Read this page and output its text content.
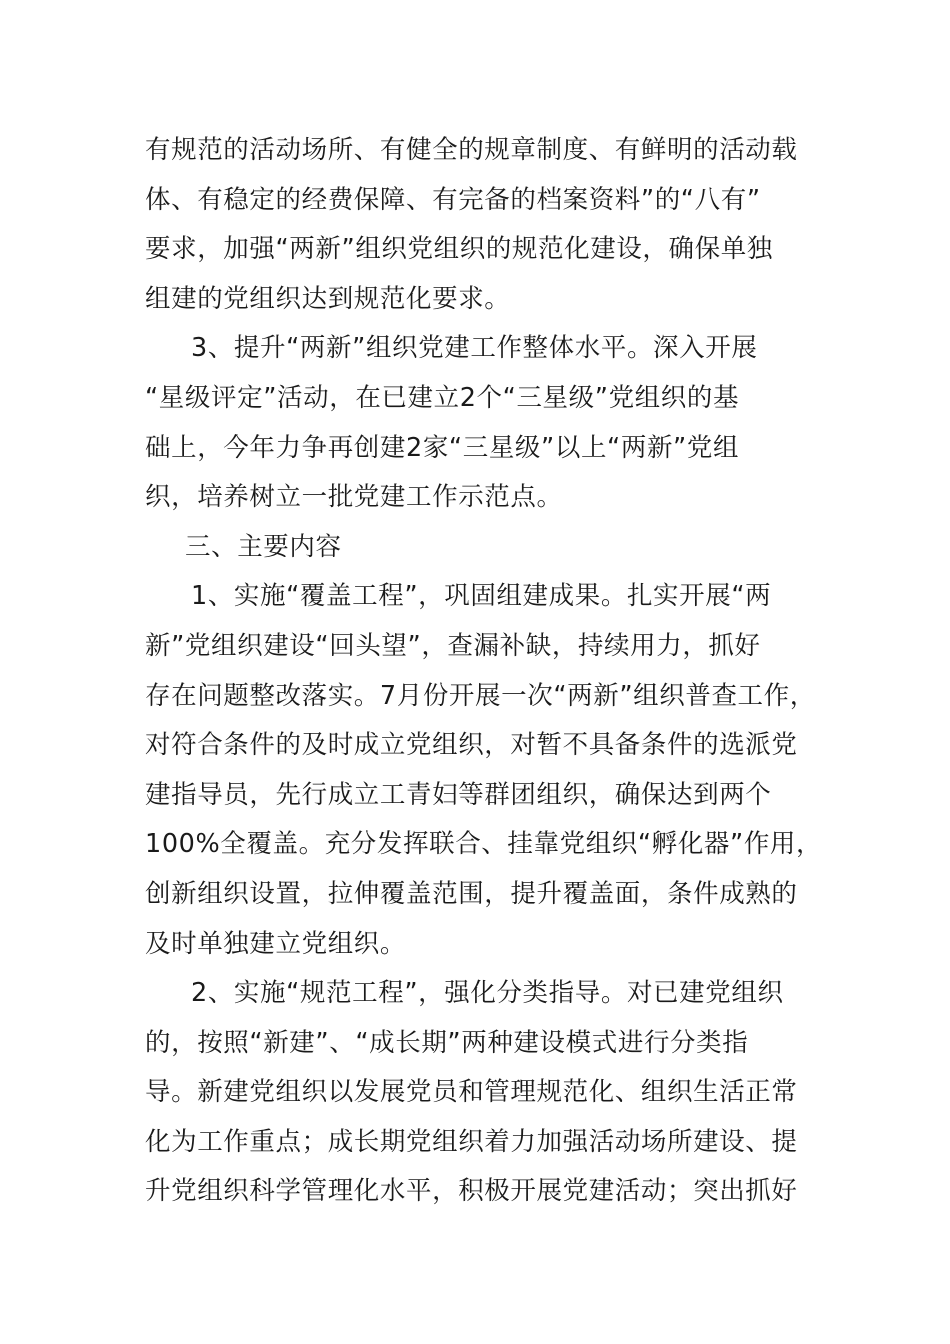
有规范的活动场所、有健全的规章制度、有鲜明的活动载
体、有稳定的经费保障、有完备的档案资料”的“八有”
要求，加强“两新”组织党组织的规范化建设，确保单独
组建的党组织达到规范化要求。
3、提升“两新”组织党建工作整体水平。深入开展
“星级评定”活动，在已建立2个“三星级”党组织的基
础上，今年力争再创建2家“三星级”以上“两新”党组
织，培养树立一批党建工作示范点。
三、主要内容
1、实施“覆盖工程”，巩固组建成果。扎实开展“两
新”党组织建设“回头望”，查漏补缺，持续用力，抓好
存在问题整改落实。7月份开展一次“两新”组织普查工作，
对符合条件的及时成立党组织，对暂不具备条件的选派党
建指导员，先行成立工青妇等群团组织，确保达到两个
100%全覆盖。充分发挥联合、挂靠党组织“孵化器”作用，
创新组织设置，拉伸覆盖范围，提升覆盖面，条件成熟的
及时单独建立党组织。
2、实施“规范工程”，强化分类指导。对已建党组织
的，按照“新建”、“成长期”两种建设模式进行分类指
导。新建党组织以发展党员和管理规范化、组织生活正常
化为工作重点；成长期党组织着力加强活动场所建设、提
升党组织科学管理化水平，积极开展党建活动；突出抓好
